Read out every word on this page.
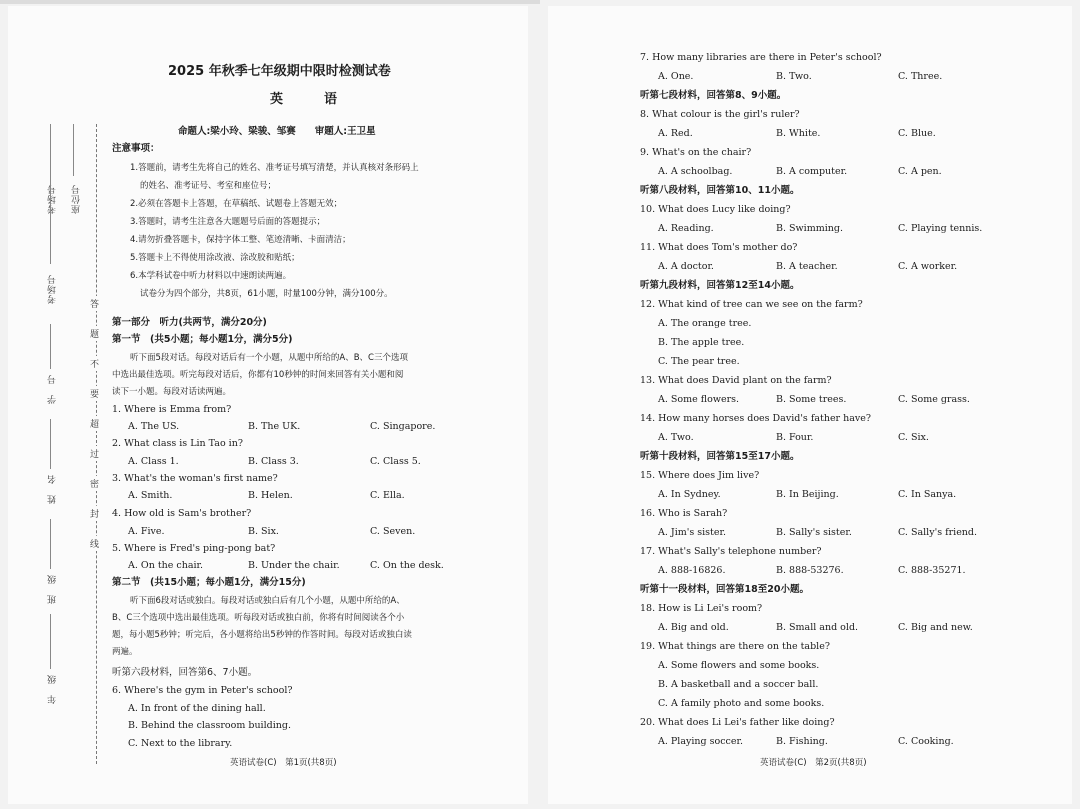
座位号
考场号
考场号
学　号
姓　名
班　级
年　级
答
题
不
要
超
过
密
封
线
2025 年秋季七年级期中限时检测试卷
英　语
命题人:梁小玲、梁骏、邹赛　　审题人:王卫星
注意事项：
1.答题前，请考生先将自己的姓名、准考证号填写清楚，并认真核对条形码上
的姓名、准考证号、考室和座位号；
2.必须在答题卡上答题，在草稿纸、试题卷上答题无效；
3.答题时，请考生注意各大题题号后面的答题提示；
4.请勿折叠答题卡，保持字体工整、笔迹清晰、卡面清洁；
5.答题卡上不得使用涂改液、涂改胶和贴纸；
6.本学科试卷中听力材料以中速朗读两遍。
试卷分为四个部分，共8页，61小题，时量100分钟，满分100分。
第一部分　听力(共两节，满分20分)
第一节　(共5小题；每小题1分，满分5分)
听下面5段对话。每段对话后有一个小题，从题中所给的A、B、C三个选项
中选出最佳选项。听完每段对话后，你都有10秒钟的时间来回答有关小题和阅
读下一小题。每段对话读两遍。
1. Where is Emma from?
A. The US.	B. The UK.	C. Singapore.
2. What class is Lin Tao in?
A. Class 1.	B. Class 3.	C. Class 5.
3. What's the woman's first name?
A. Smith.	B. Helen.	C. Ella.
4. How old is Sam's brother?
A. Five.	B. Six.	C. Seven.
5. Where is Fred's ping-pong bat?
A. On the chair.	B. Under the chair.	C. On the desk.
第二节　(共15小题；每小题1分，满分15分)
听下面6段对话或独白。每段对话或独白后有几个小题，从题中所给的A、
B、C三个选项中选出最佳选项。听每段对话或独白前，你将有时间阅读各个小
题，每小题5秒钟；听完后，各小题将给出5秒钟的作答时间。每段对话或独白读
两遍。
听第六段材料，回答第6、7小题。
6. Where's the gym in Peter's school?
A. In front of the dining hall.
B. Behind the classroom building.
C. Next to the library.
英语试卷(C)　第1页(共8页)
7. How many libraries are there in Peter's school?
A. One.	B. Two.	C. Three.
听第七段材料，回答第8、9小题。
8. What colour is the girl's ruler?
A. Red.	B. White.	C. Blue.
9. What's on the chair?
A. A schoolbag.	B. A computer.	C. A pen.
听第八段材料，回答第10、11小题。
10. What does Lucy like doing?
A. Reading.	B. Swimming.	C. Playing tennis.
11. What does Tom's mother do?
A. A doctor.	B. A teacher.	C. A worker.
听第九段材料，回答第12至14小题。
12. What kind of tree can we see on the farm?
A. The orange tree.
B. The apple tree.
C. The pear tree.
13. What does David plant on the farm?
A. Some flowers.	B. Some trees.	C. Some grass.
14. How many horses does David's father have?
A. Two.	B. Four.	C. Six.
听第十段材料，回答第15至17小题。
15. Where does Jim live?
A. In Sydney.	B. In Beijing.	C. In Sanya.
16. Who is Sarah?
A. Jim's sister.	B. Sally's sister.	C. Sally's friend.
17. What's Sally's telephone number?
A. 888-16826.	B. 888-53276.	C. 888-35271.
听第十一段材料，回答第18至20小题。
18. How is Li Lei's room?
A. Big and old.	B. Small and old.	C. Big and new.
19. What things are there on the table?
A. Some flowers and some books.
B. A basketball and a soccer ball.
C. A family photo and some books.
20. What does Li Lei's father like doing?
A. Playing soccer.	B. Fishing.	C. Cooking.
英语试卷(C)　第2页(共8页)
